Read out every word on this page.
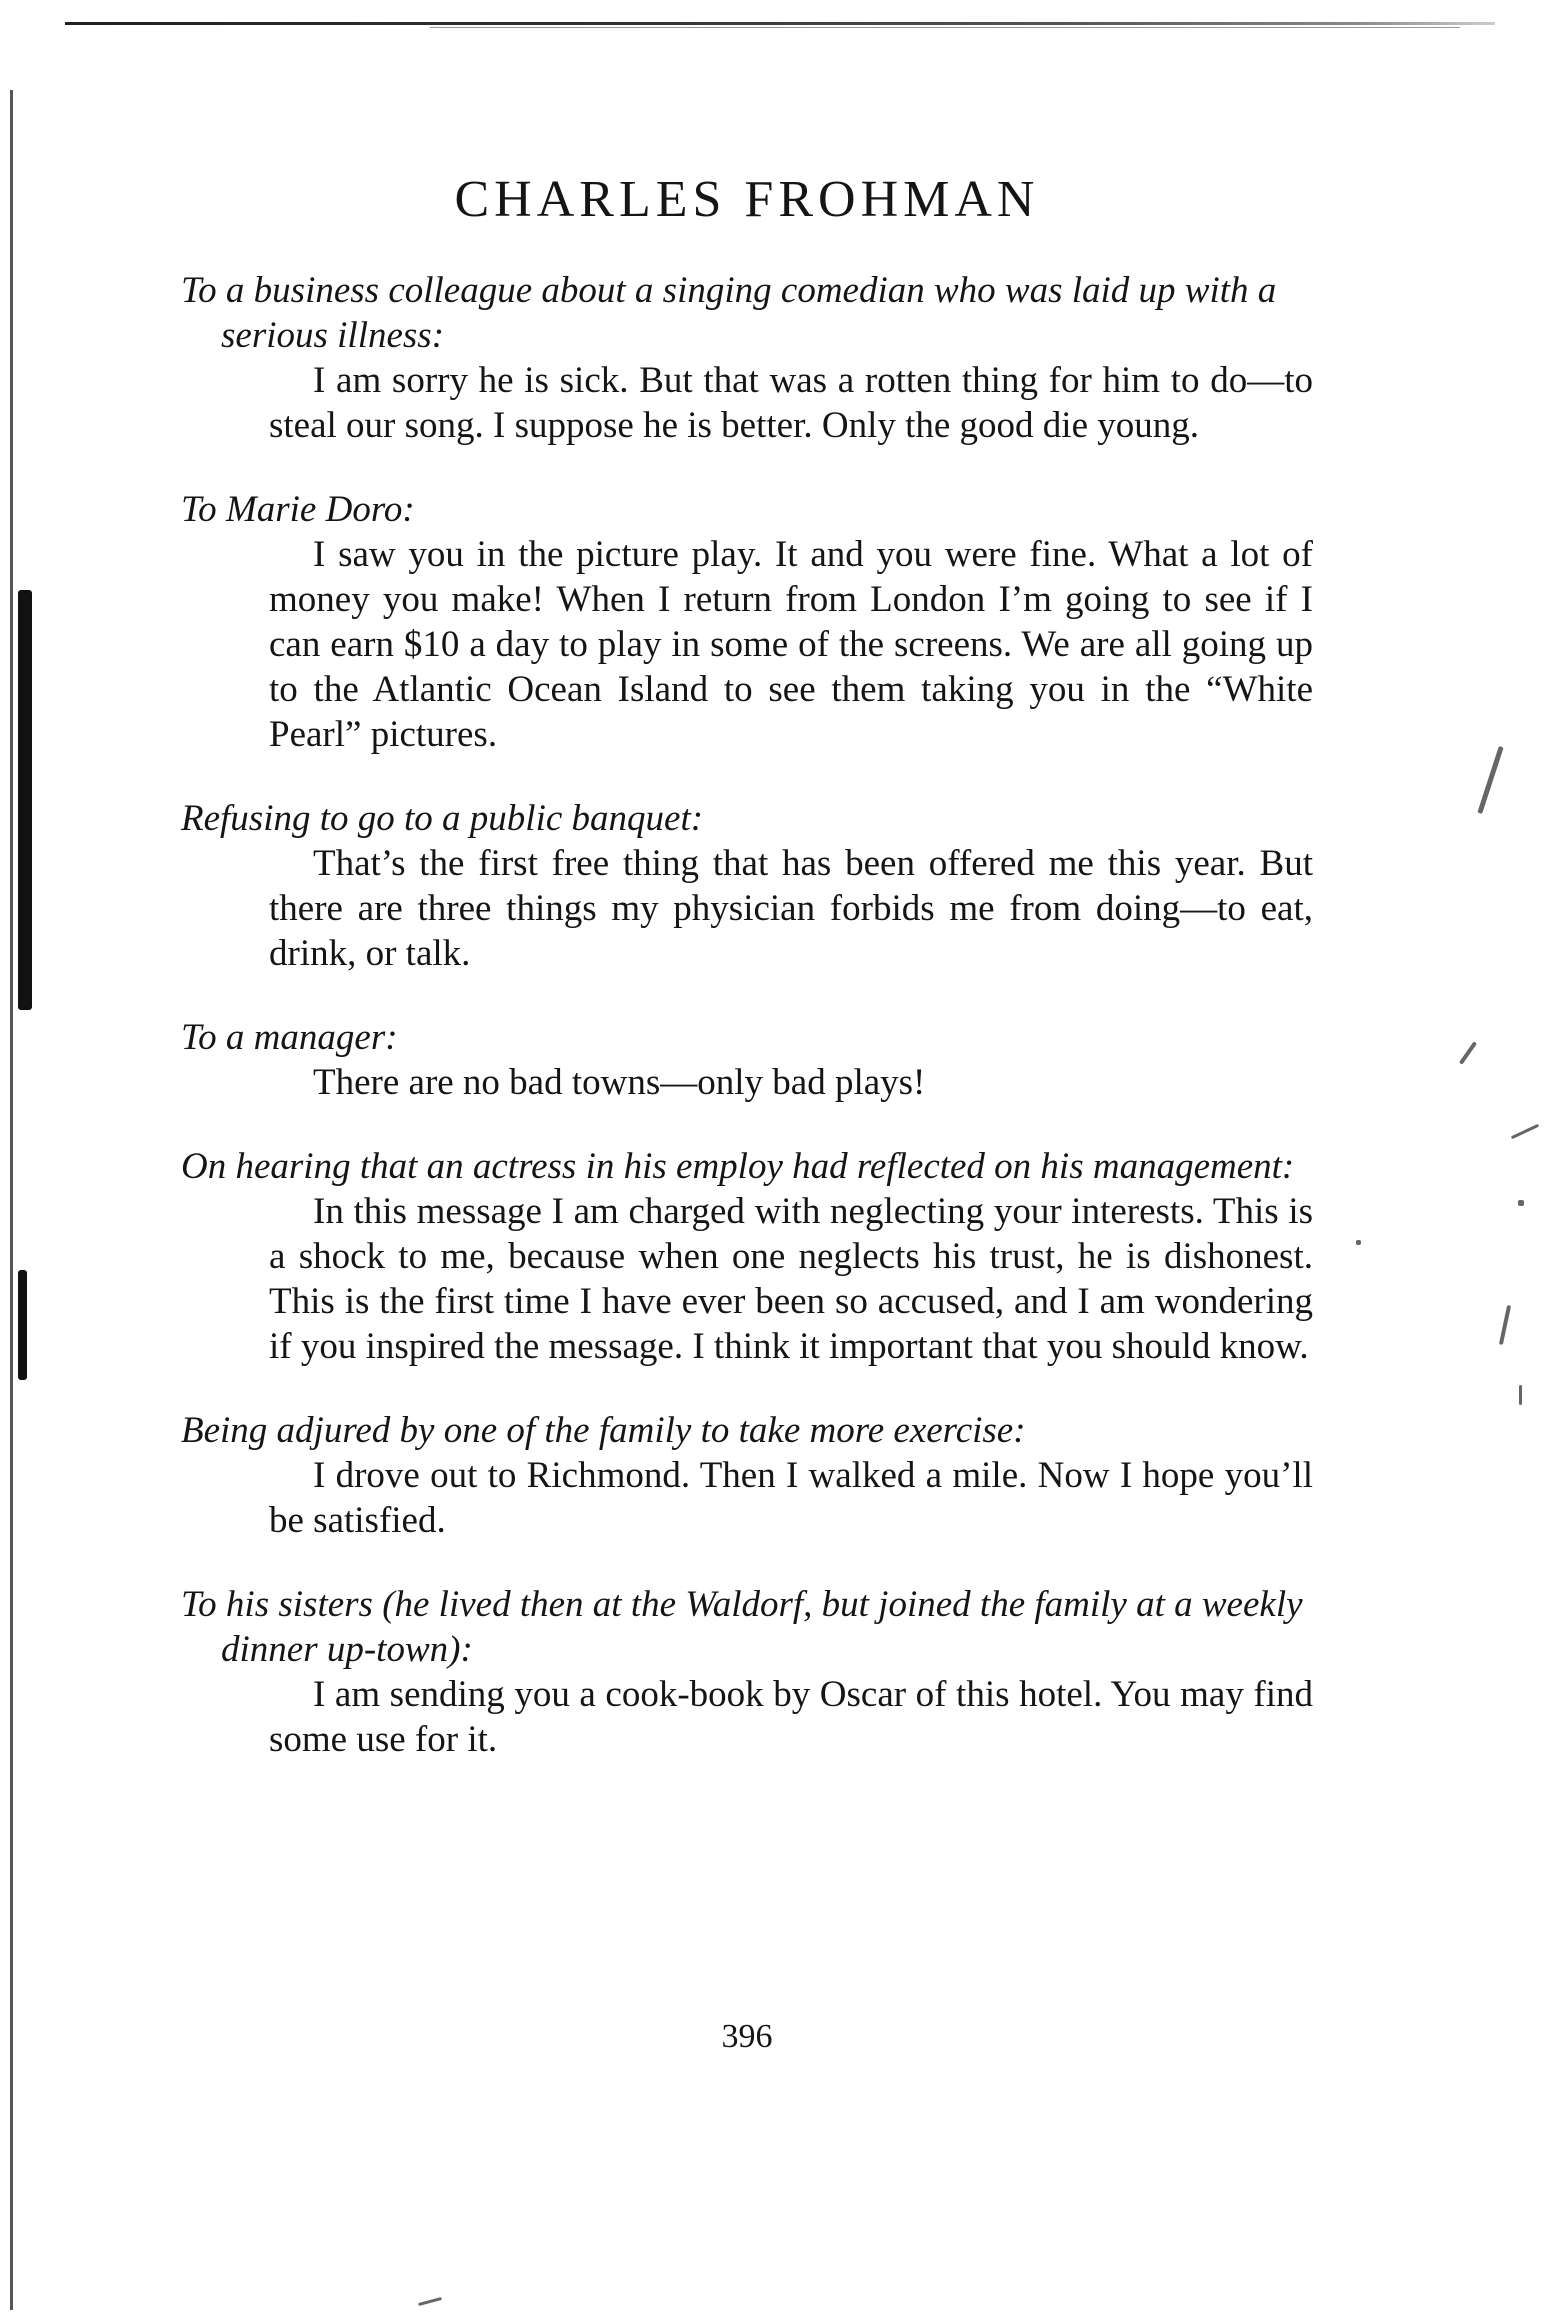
CHARLES FROHMAN

To a business colleague about a singing comedian who was laid up with a serious illness:

I am sorry he is sick. But that was a rotten thing for him to do—to steal our song. I suppose he is better. Only the good die young.

To Marie Doro:

I saw you in the picture play. It and you were fine. What a lot of money you make! When I return from London I’m going to see if I can earn $10 a day to play in some of the screens. We are all going up to the Atlantic Ocean Island to see them taking you in the “White Pearl” pictures.

Refusing to go to a public banquet:

That’s the first free thing that has been offered me this year. But there are three things my physician forbids me from doing—to eat, drink, or talk.

To a manager:

There are no bad towns—only bad plays!

On hearing that an actress in his employ had reflected on his management:

In this message I am charged with neglecting your interests. This is a shock to me, because when one neglects his trust, he is dishonest. This is the first time I have ever been so accused, and I am wondering if you inspired the message. I think it important that you should know.

Being adjured by one of the family to take more exercise:

I drove out to Richmond. Then I walked a mile. Now I hope you’ll be satisfied.

To his sisters (he lived then at the Waldorf, but joined the family at a weekly dinner up-town):

I am sending you a cook-book by Oscar of this hotel. You may find some use for it.

396
